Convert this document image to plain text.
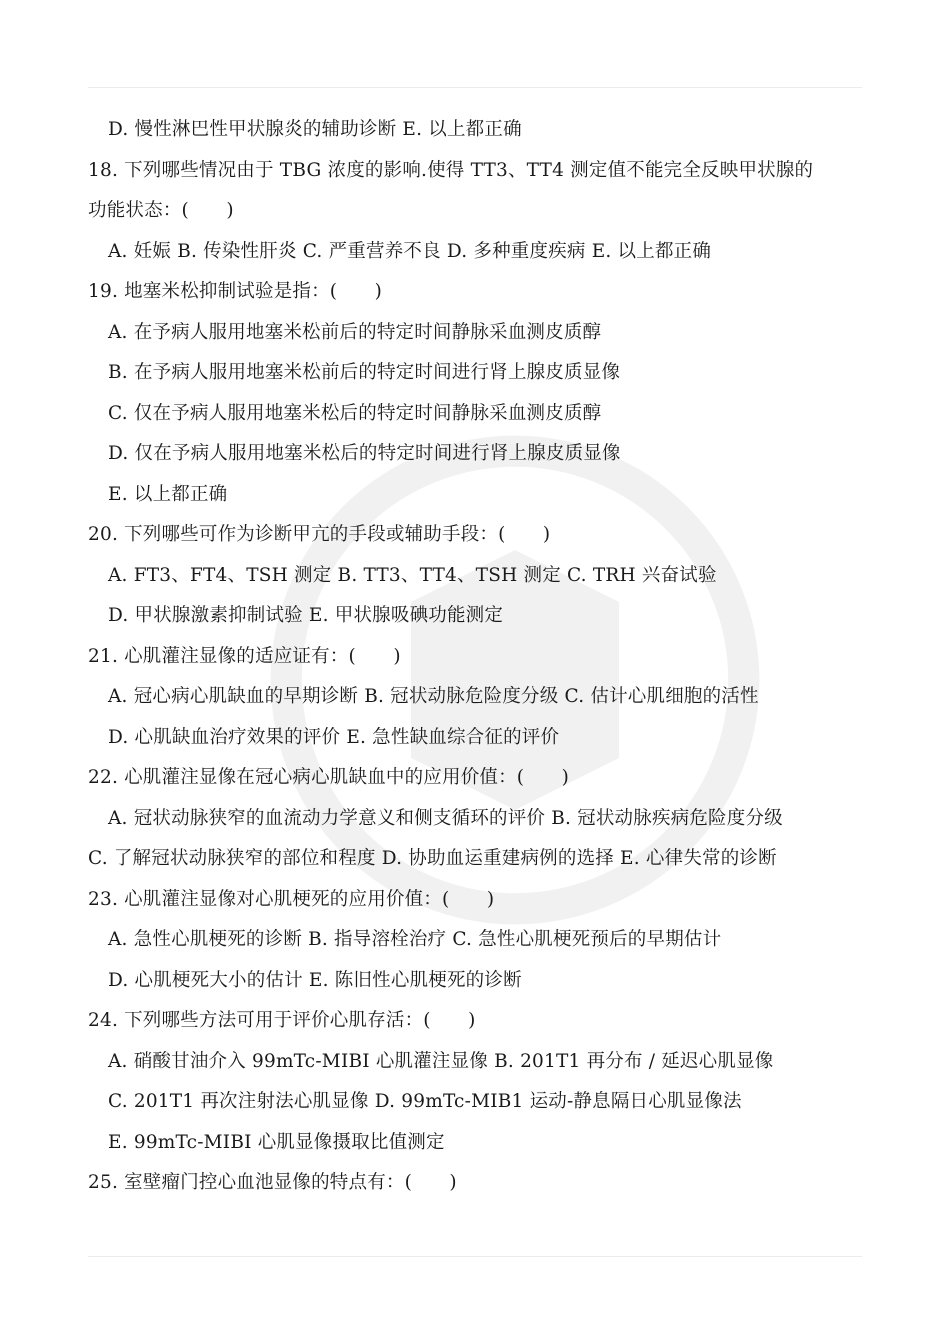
D. 慢性淋巴性甲状腺炎的辅助诊断 E. 以上都正确
18. 下列哪些情况由于 TBG 浓度的影响.使得 TT3、TT4 测定值不能完全反映甲状腺的
功能状态：(　　)
A. 妊娠 B. 传染性肝炎 C. 严重营养不良 D. 多种重度疾病 E. 以上都正确
19. 地塞米松抑制试验是指：(　　)
A. 在予病人服用地塞米松前后的特定时间静脉采血测皮质醇
B. 在予病人服用地塞米松前后的特定时间进行肾上腺皮质显像
C. 仅在予病人服用地塞米松后的特定时间静脉采血测皮质醇
D. 仅在予病人服用地塞米松后的特定时间进行肾上腺皮质显像
E. 以上都正确
20. 下列哪些可作为诊断甲亢的手段或辅助手段：(　　)
A. FT3、FT4、TSH 测定 B. TT3、TT4、TSH 测定 C. TRH 兴奋试验
D. 甲状腺激素抑制试验 E. 甲状腺吸碘功能测定
21. 心肌灌注显像的适应证有：(　　)
A. 冠心病心肌缺血的早期诊断 B. 冠状动脉危险度分级 C. 估计心肌细胞的活性
D. 心肌缺血治疗效果的评价 E. 急性缺血综合征的评价
22. 心肌灌注显像在冠心病心肌缺血中的应用价值：(　　)
A. 冠状动脉狭窄的血流动力学意义和侧支循环的评价 B. 冠状动脉疾病危险度分级
C. 了解冠状动脉狭窄的部位和程度 D. 协助血运重建病例的选择 E. 心律失常的诊断
23. 心肌灌注显像对心肌梗死的应用价值：(　　)
A. 急性心肌梗死的诊断 B. 指导溶栓治疗 C. 急性心肌梗死预后的早期估计
D. 心肌梗死大小的估计 E. 陈旧性心肌梗死的诊断
24. 下列哪些方法可用于评价心肌存活：(　　)
A. 硝酸甘油介入 99mTc-MIBI 心肌灌注显像 B. 201T1 再分布 / 延迟心肌显像
C. 201T1 再次注射法心肌显像 D. 99mTc-MIB1 运动-静息隔日心肌显像法
E. 99mTc-MIBI 心肌显像摄取比值测定
25. 室壁瘤门控心血池显像的特点有：(　　)
